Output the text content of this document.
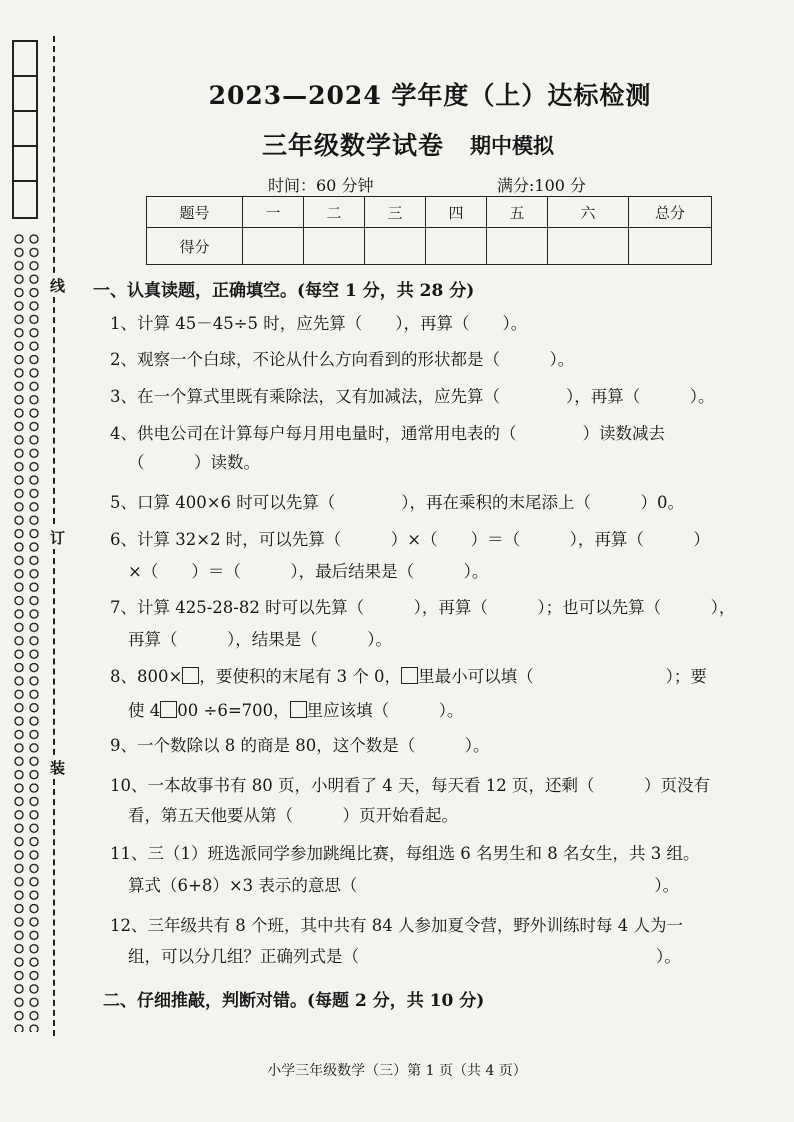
线
订
装
2023—2024 学年度（上）达标检测
三年级数学试卷 期中模拟
时间：60 分钟	满分:100 分
题号	一	二	三	四	五	六	总分
得分							
一、认真读题，正确填空。(每空 1 分，共 28 分)
1、计算 45－45÷5 时，应先算（　　），再算（　　）。
2、观察一个白球，不论从什么方向看到的形状都是（　　　）。
3、在一个算式里既有乘除法，又有加减法，应先算（　　　　），再算（　　　）。
4、供电公司在计算每户每月用电量时，通常用电表的（　　　　）读数减去
（　　　）读数。
5、口算 400×6 时可以先算（　　　　），再在乘积的末尾添上（　　　）0。
6、计算 32×2 时，可以先算（　　　）×（　　）＝（　　　），再算（　　　）
×（　　）＝（　　　），最后结果是（　　　）。
7、计算 425-28-82 时可以先算（　　　），再算（　　　）；也可以先算（　　　），
再算（　　　），结果是（　　　）。
8、800× ，要使积的末尾有 3 个 0， 里最小可以填（　　　　　　　　）；要
使 4 00 ÷6=700， 里应该填（　　　）。
9、一个数除以 8 的商是 80，这个数是（　　　）。
10、一本故事书有 80 页，小明看了 4 天，每天看 12 页，还剩（　　　）页没有
看，第五天他要从第（　　　）页开始看起。
11、三（1）班选派同学参加跳绳比赛，每组选 6 名男生和 8 名女生，共 3 组。
算式（6+8）×3 表示的意思（　　　　　　　　　　　　　　　　　　）。
12、三年级共有 8 个班，其中共有 84 人参加夏令营，野外训练时每 4 人为一
组，可以分几组？正确列式是（　　　　　　　　　　　　　　　　　　）。
二、仔细推敲，判断对错。(每题 2 分，共 10 分)
小学三年级数学（三）第 1 页（共 4 页）
